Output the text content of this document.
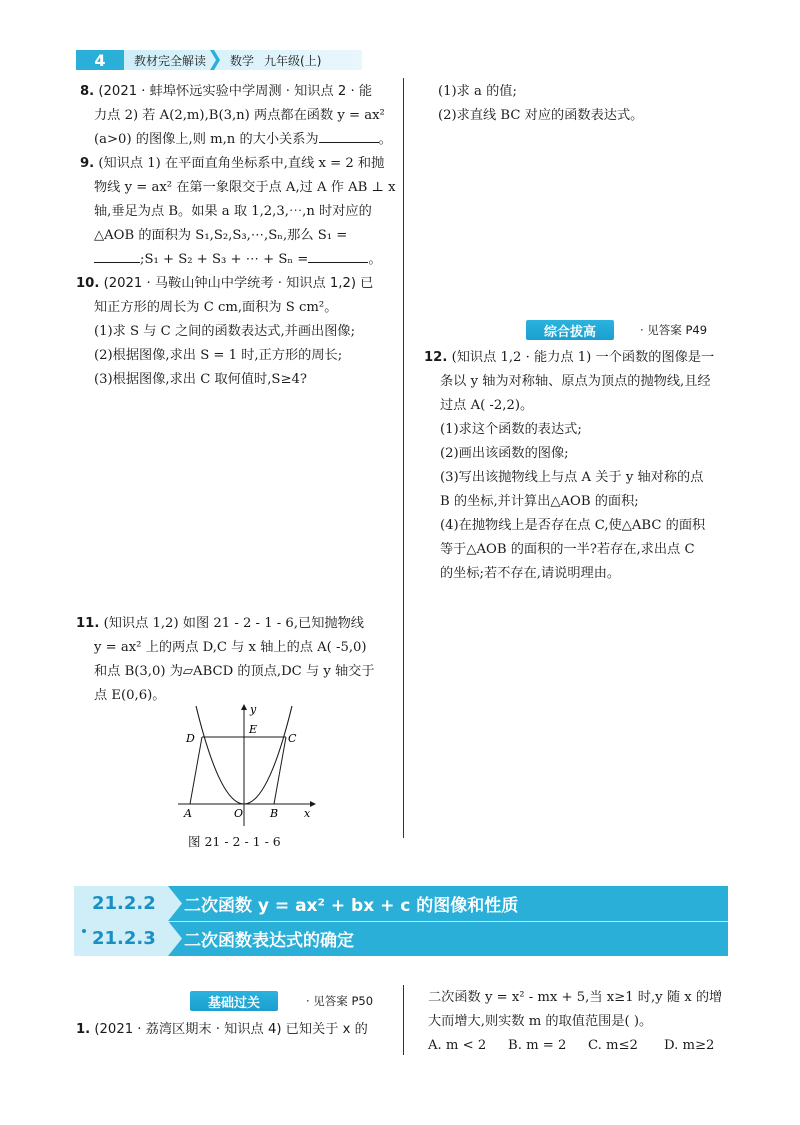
4	教材完全解读	数学 九年级(上)
8. (2021 · 蚌埠怀远实验中学周测 · 知识点 2 · 能
力点 2) 若 A(2,m),B(3,n) 两点都在函数 y = ax²
(a>0) 的图像上,则 m,n 的大小关系为	。
9. (知识点 1) 在平面直角坐标系中,直线 x = 2 和抛
物线 y = ax² 在第一象限交于点 A,过 A 作 AB ⊥ x
轴,垂足为点 B。如果 a 取 1,2,3,⋯,n 时对应的
△AOB 的面积为 S₁,S₂,S₃,⋯,Sₙ,那么 S₁ =
;S₁ + S₂ + S₃ + ⋯ + Sₙ =	。
10. (2021 · 马鞍山钟山中学统考 · 知识点 1,2) 已
知正方形的周长为 C cm,面积为 S cm²。
(1)求 S 与 C 之间的函数表达式,并画出图像;
(2)根据图像,求出 S = 1 时,正方形的周长;
(3)根据图像,求出 C 取何值时,S≥4?
11. (知识点 1,2) 如图 21 - 2 - 1 - 6,已知抛物线
y = ax² 上的两点 D,C 与 x 轴上的点 A( -5,0)
和点 B(3,0) 为▱ABCD 的顶点,DC 与 y 轴交于
点 E(0,6)。
y
x
E
D	C
A	O B
图 21 - 2 - 1 - 6
(1)求 a 的值;
(2)求直线 BC 对应的函数表达式。
综合拔高	· 见答案 P49
12. (知识点 1,2 · 能力点 1) 一个函数的图像是一
条以 y 轴为对称轴、原点为顶点的抛物线,且经
过点 A( -2,2)。
(1)求这个函数的表达式;
(2)画出该函数的图像;
(3)写出该抛物线上与点 A 关于 y 轴对称的点
B 的坐标,并计算出△AOB 的面积;
(4)在抛物线上是否存在点 C,使△ABC 的面积
等于△AOB 的面积的一半?若存在,求出点 C
的坐标;若不存在,请说明理由。
21.2.2	二次函数 y = ax² + bx + c 的图像和性质
21.2.3	二次函数表达式的确定
基础过关	· 见答案 P50
1. (2021 · 荔湾区期末 · 知识点 4) 已知关于 x 的
二次函数 y = x² - mx + 5,当 x≥1 时,y 随 x 的增
大而增大,则实数 m 的取值范围是( )。
A. m < 2	B. m = 2	C. m≤2	D. m≥2
